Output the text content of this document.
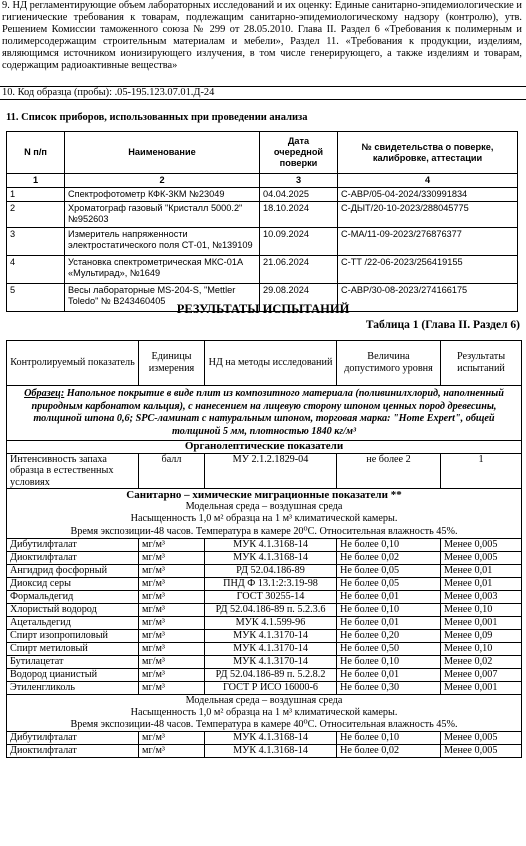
9. НД регламентирующие объем лабораторных исследований и их оценку: Единые санитарно-эпидемиологические и гигиенические требования к товарам, подлежащим санитарно-эпидемиологическому надзору (контролю), утв. Решением Комиссии таможенного союза № 299 от 28.05.2010. Глава II. Раздел 6 «Требования к полимерным и полимерсодержащим строительным материалам и мебели», Раздел 11. «Требования к продукции, изделиям, являющимся источником ионизирующего излучения, в том числе генерирующего, а также изделиям и товарам, содержащим радиоактивные вещества»
10. Код образца (пробы): .05-195.123.07.01.Д-24
11. Список приборов, использованных при проведении анализа
N п/п	Наименование	Дата очередной поверки	№ свидетельства о поверке, калибровке, аттестации
1	2	3	4
1	Спектрофотометр КФК-3КМ №23049	04.04.2025	С-АВР/05-04-2024/330991834
2	Хроматограф газовый "Кристалл 5000.2" №952603	18.10.2024	С-ДЫТ/20-10-2023/288045775
3	Измеритель напряженности электростатического поля СТ-01, №139109	10.09.2024	С-МА/11-09-2023/276876377
4	Установка спектрометрическая МКС-01А «Мультирад», №1649	21.06.2024	С-ТТ /22-06-2023/256419155
5	Весы лабораторные MS-204-S, "Mettler Toledo" № B243460405	29.08.2024	С-АВР/30-08-2023/274166175
РЕЗУЛЬТАТЫ ИСПЫТАНИЙ
Таблица 1 (Глава II. Раздел 6)
Контролируемый показатель	Единицы измерения	НД на методы исследований	Величина допустимого уровня	Результаты испытаний
Образец: Напольное покрытие в виде плит из композитного материала (поливинилхлорид, наполненный природным карбонатом кальция), с нанесением на лицевую сторону шпоном ценных пород древесины, толщиной шпона 0,6; SPC-ламинат с натуральным шпоном, торговая марка: "Home Expert", общей толщиной 5 мм, плотностью 1840 кг/м³				
Органолептические показатели				
Интенсивность запаха образца в естественных условиях	балл	МУ 2.1.2.1829-04	не более 2	1

Санитарно – химические миграционные показатели **
Модельная среда – воздушная среда
Насыщенность 1,0 м² образца на 1 м³ климатической камеры.
Время экспозиции-48 часов. Температура в камере 20⁰С. Относительная влажность 45%.				

Дибутилфталат	мг/м³	МУК 4.1.3168-14	Не более 0,10	Менее 0,005
Диоктилфталат	мг/м³	МУК 4.1.3168-14	Не более 0,02	Менее 0,005
Ангидрид фосфорный	мг/м³	РД 52.04.186-89	Не более 0,05	Менее 0,01
Диоксид серы	мг/м³	ПНД Ф 13.1:2:3.19-98	Не более 0,05	Менее 0,01
Формальдегид	мг/м³	ГОСТ 30255-14	Не более 0,01	Менее 0,003
Хлористый водород	мг/м³	РД 52.04.186-89 п. 5.2.3.6	Не более 0,10	Менее 0,10
Ацетальдегид	мг/м³	МУК 4.1.599-96	Не более 0,01	Менее 0,001
Спирт изопропиловый	мг/м³	МУК 4.1.3170-14	Не более 0,20	Менее 0,09
Спирт метиловый	мг/м³	МУК 4.1.3170-14	Не более 0,50	Менее 0,10
Бутилацетат	мг/м³	МУК 4.1.3170-14	Не более 0,10	Менее 0,02
Водород цианистый	мг/м³	РД 52.04.186-89 п. 5.2.8.2	Не более 0,01	Менее 0,007
Этиленгликоль	мг/м³	ГОСТ Р ИСО 16000-6	Не более 0,30	Менее 0,001

Модельная среда – воздушная среда
Насыщенность 1,0 м² образца на 1 м³ климатической камеры.
Время экспозиции-48 часов. Температура в камере 40⁰С. Относительная влажность 45%.				

Дибутилфталат	мг/м³	МУК 4.1.3168-14	Не более 0,10	Менее 0,005
Диоктилфталат	мг/м³	МУК 4.1.3168-14	Не более 0,02	Менее 0,005
